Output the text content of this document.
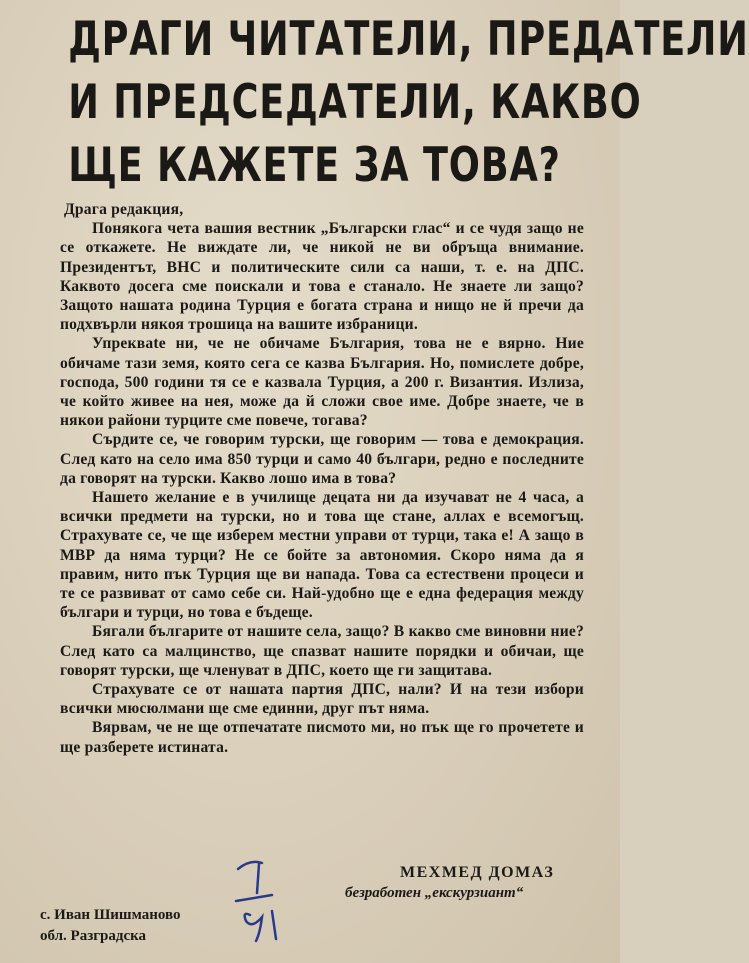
ДРАГИ ЧИТАТЕЛИ, ПРЕДАТЕЛИ
И ПРЕДСЕДАТЕЛИ, КАКВО
ЩЕ КАЖЕТЕ ЗА ТОВА?

Драга редакция,

Понякога чета вашия вестник „Български глас“ и се чудя защо не се откажете. Не виждате ли, че никой не ви обръща внимание. Президентът, ВНС и политическите сили са наши, т. е. на ДПС. Каквото досега сме поискали и това е станало. Не знаете ли защо? Защото нашата родина Турция е богата страна и нищо не й пречи да подхвърли някоя трошица на вашите избраници.

Упрекваte ни, че не обичаме България, това не е вярно. Ние обичаме тази земя, която сега се казва България. Но, помислете добре, господа, 500 години тя се е казвала Турция, а 200 г. Византия. Излиза, че който живее на нея, може да й сложи свое име. Добре знаете, че в някои райони турците сме повече, тогава?

Сърдите се, че говорим турски, ще говорим — това е демокрация. След като на село има 850 турци и само 40 българи, редно е последните да говорят на турски. Какво лошо има в това?

Нашето желание е в училище децата ни да изучават не 4 часа, а всички предмети на турски, но и това ще стане, аллах е всемогъщ. Страхувате се, че ще изберем местни управи от турци, така е! А защо в МВР да няма турци? Не се бойте за автономия. Скоро няма да я правим, нито пък Турция ще ви напада. Това са естествени процеси и те се развиват от само себе си. Най-удобно ще е една федерация между българи и турци, но това е бъдеще.

Бягали българите от нашите села, защо? В какво сме виновни ние? След като са малцинство, ще спазват нашите порядки и обичаи, ще говорят турски, ще членуват в ДПС, което ще ги защитава.

Страхувате се от нашата партия ДПС, нали? И на тези избори всички мюсюлмани ще сме единни, друг път няма.

Вярвам, че не ще отпечатате писмото ми, но пък ще го прочетете и ще разберете истината.

МЕХМЕД ДОМАЗ
безработен „екскурзиант“
с. Иван Шишманово
обл. Разградска
